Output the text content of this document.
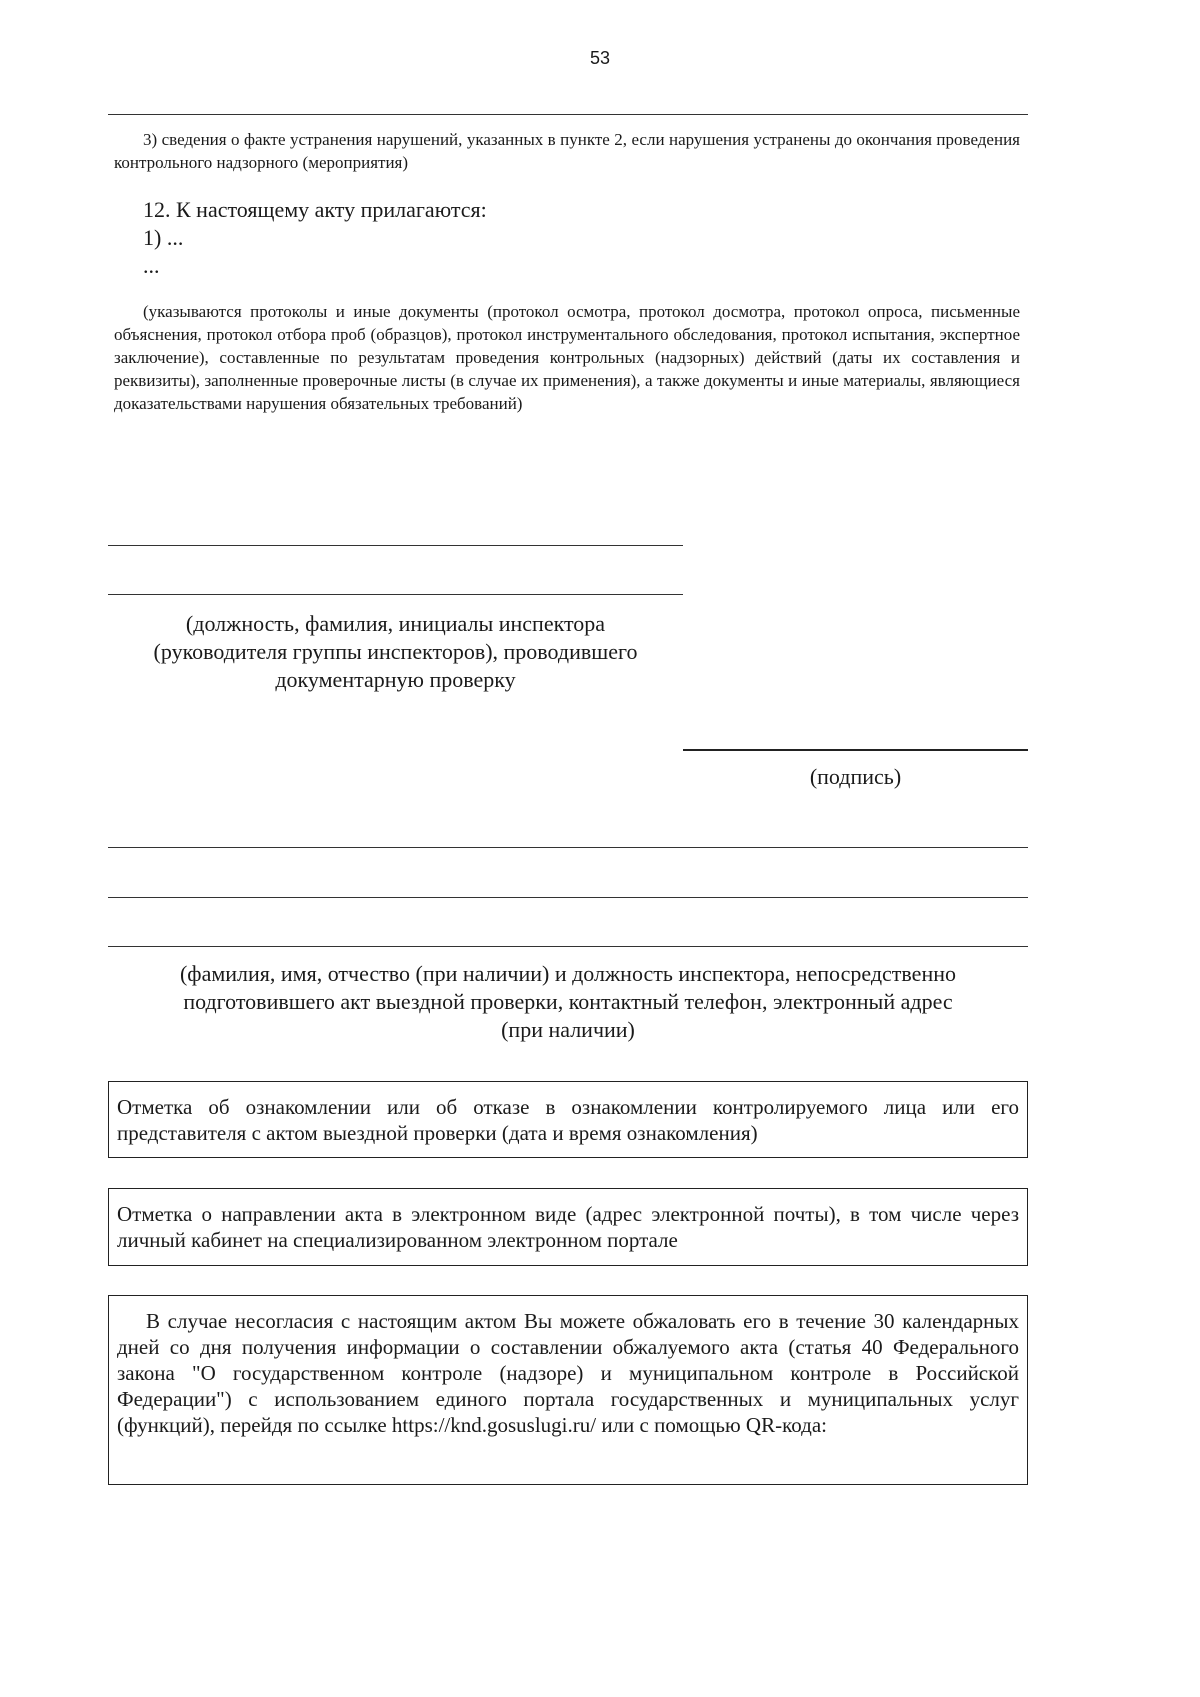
53
3) сведения о факте устранения нарушений, указанных в пункте 2, если нарушения устранены до окончания проведения контрольного надзорного (мероприятия)
12. К настоящему акту прилагаются:
1) ...
...
(указываются протоколы и иные документы (протокол осмотра, протокол досмотра, протокол опроса, письменные объяснения, протокол отбора проб (образцов), протокол инструментального обследования, протокол испытания, экспертное заключение), составленные по результатам проведения контрольных (надзорных) действий (даты их составления и реквизиты), заполненные проверочные листы (в случае их применения), а также документы и иные материалы, являющиеся доказательствами нарушения обязательных требований)
(должность, фамилия, инициалы инспектора
(руководителя группы инспекторов), проводившего
документарную проверку
(подпись)
(фамилия, имя, отчество (при наличии) и должность инспектора, непосредственно
подготовившего акт выездной проверки, контактный телефон, электронный адрес
(при наличии)
Отметка об ознакомлении или об отказе в ознакомлении контролируемого лица или его представителя с актом выездной проверки (дата и время ознакомления)
Отметка о направлении акта в электронном виде (адрес электронной почты), в том числе через личный кабинет на специализированном электронном портале
В случае несогласия с настоящим актом Вы можете обжаловать его в течение 30 календарных дней со дня получения информации о составлении обжалуемого акта (статья 40 Федерального закона "О государственном контроле (надзоре) и муниципальном контроле в Российской Федерации") с использованием единого портала государственных и муниципальных услуг (функций), перейдя по ссылке https://knd.gosuslugi.ru/ или с помощью QR-кода:
